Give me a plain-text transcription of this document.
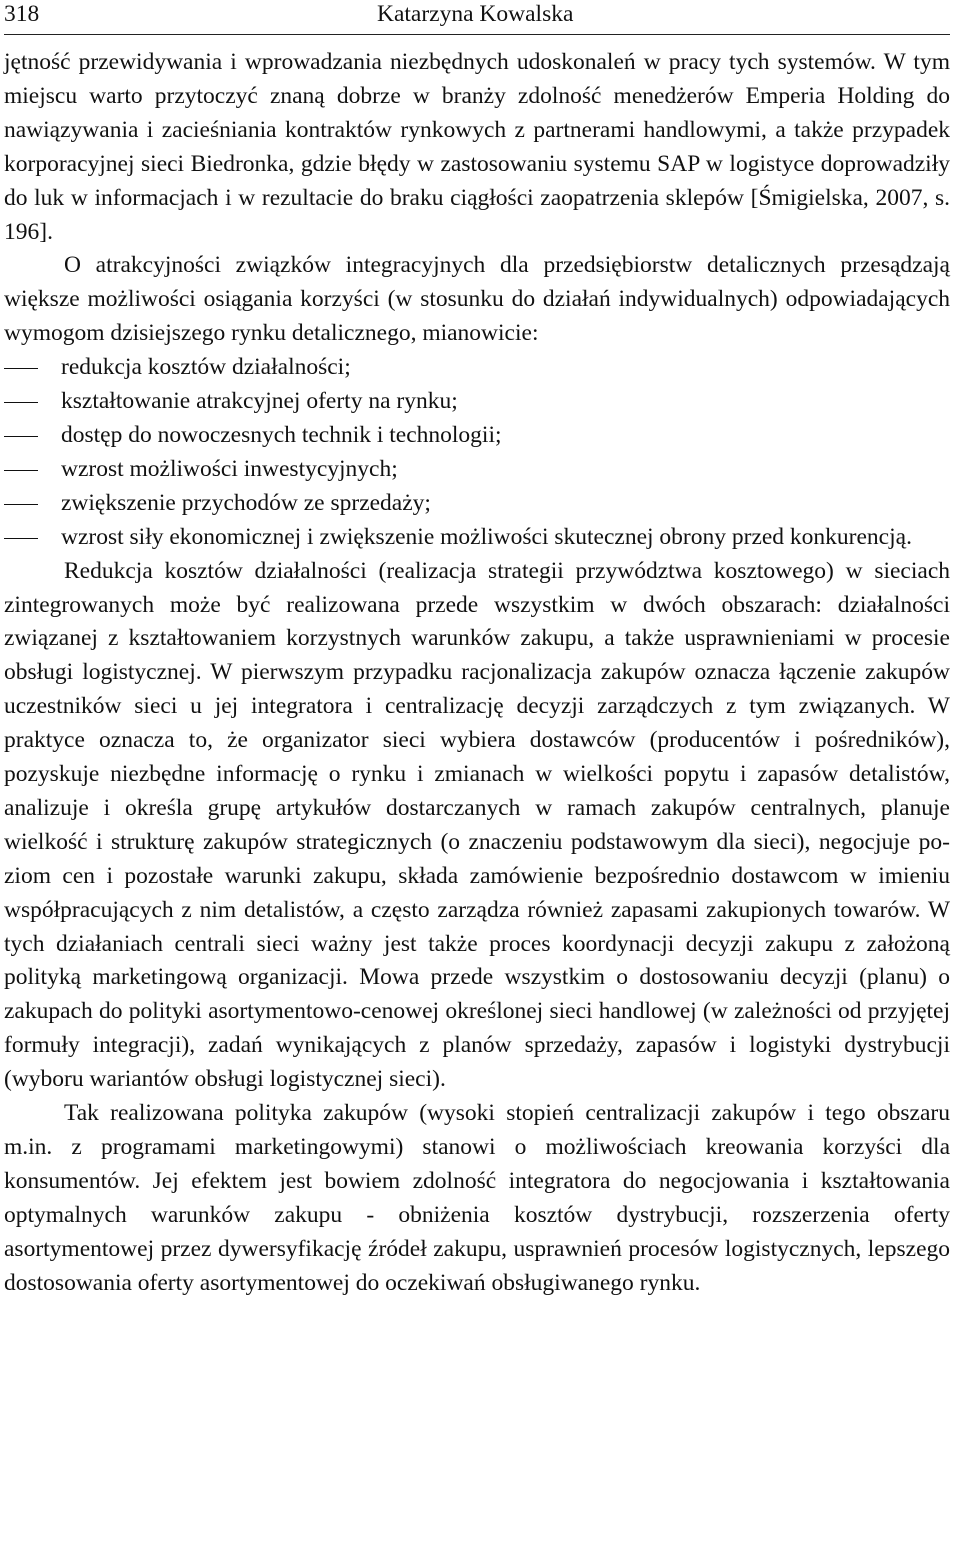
318	Katarzyna Kowalska

jętność przewidywania i wprowadzania niezbędnych udoskonaleń w pracy tych systemów. W tym miejscu warto przytoczyć znaną dobrze w branży zdolność menedżerów Emperia Holding do nawiązywania i zacieśniania kontraktów rynkowych z partnerami handlowymi, a także przypadek korporacyjnej sieci Biedronka, gdzie błędy w zastosowaniu systemu SAP w logistyce doprowadziły do luk w informacjach i w rezultacie do braku ciągłości zaopatrzenia sklepów [Śmigielska, 2007, s. 196].

O atrakcyjności związków integracyjnych dla przedsiębiorstw detalicznych przesądzają większe możliwości osiągania korzyści (w stosunku do działań indywidualnych) odpowiadających wymogom dzisiejszego rynku detalicznego, mianowicie:

redukcja kosztów działalności;
kształtowanie atrakcyjnej oferty na rynku;
dostęp do nowoczesnych technik i technologii;
wzrost możliwości inwestycyjnych;
zwiększenie przychodów ze sprzedaży;
wzrost siły ekonomicznej i zwiększenie możliwości skutecznej obrony przed konkurencją.

Redukcja kosztów działalności (realizacja strategii przywództwa kosztowego) w sieciach zintegrowanych może być realizowana przede wszystkim w dwóch obszarach: działalności związanej z kształtowaniem korzystnych warunków zakupu, a także usprawnieniami w procesie obsługi logistycznej. W pierwszym przypadku racjonalizacja zakupów oznacza łączenie zakupów uczestników sieci u jej integratora i centralizację decyzji zarządczych z tym związanych. W praktyce oznacza to, że organizator sieci wybiera dostawców (producentów i pośredników), pozyskuje niezbędne informację o rynku i zmianach w wielkości popytu i zapasów detalistów, analizuje i określa grupę artykułów dostarczanych w ramach zakupów centralnych, planuje wielkość i strukturę zakupów strategicznych (o znaczeniu podstawowym dla sieci), negocjuje poziom cen i pozostałe warunki zakupu, składa zamówienie bezpośrednio dostawcom w imieniu współpracujących z nim detalistów, a często zarządza również zapasami zakupionych towarów. W tych działaniach centrali sieci ważny jest także proces koordynacji decyzji zakupu z założoną polityką marketingową organizacji. Mowa przede wszystkim o dostosowaniu decyzji (planu) o zakupach do polityki asortymentowo-cenowej określonej sieci handlowej (w zależności od przyjętej formuły integracji), zadań wynikających z planów sprzedaży, zapasów i logistyki dystrybucji (wyboru wariantów obsługi logistycznej sieci).

Tak realizowana polityka zakupów (wysoki stopień centralizacji zakupów i tego obszaru m.in. z programami marketingowymi) stanowi o możliwościach kreowania korzyści dla konsumentów. Jej efektem jest bowiem zdolność integratora do negocjowania i kształtowania optymalnych warunków zakupu - obniżenia kosztów dystrybucji, rozszerzenia oferty asortymentowej przez dywersyfikację źródeł zakupu, usprawnień procesów logistycznych, lepszego dostosowania oferty asortymentowej do oczekiwań obsługiwanego rynku.
